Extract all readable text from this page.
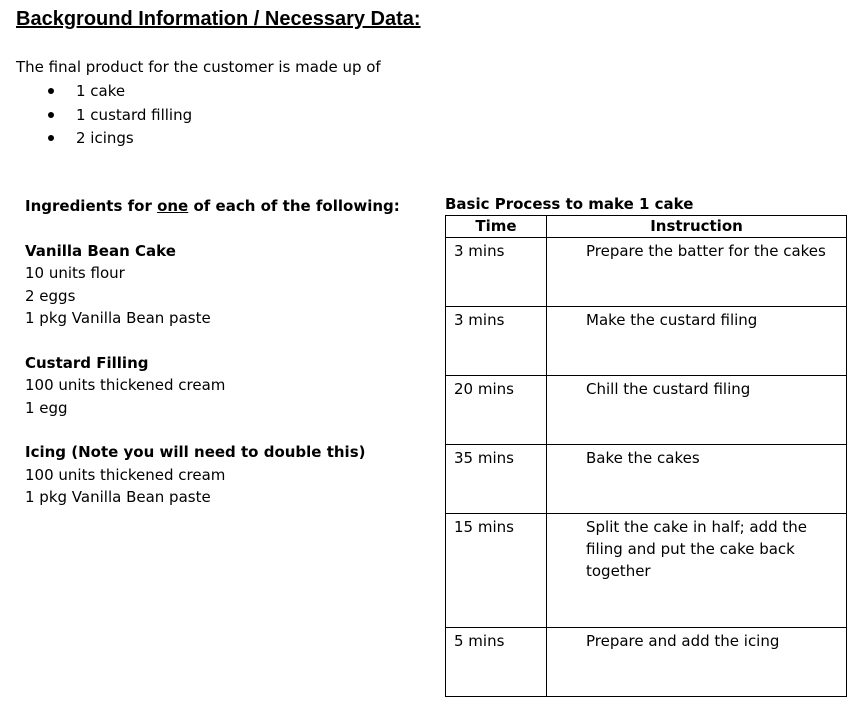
Background Information / Necessary Data:
The final product for the customer is made up of
1 cake
1 custard filling
2 icings
Ingredients for one of each of the following:
Vanilla Bean Cake
10 units flour
2 eggs
1 pkg Vanilla Bean paste
Custard Filling
100 units thickened cream
1 egg
Icing (Note you will need to double this)
100 units thickened cream
1 pkg Vanilla Bean paste
Basic Process to make 1 cake
Time	Instruction
3 mins	Prepare the batter for the cakes
3 mins	Make the custard filing
20 mins	Chill the custard filing
35 mins	Bake the cakes
15 mins	Split the cake in half; add the filing and put the cake back together
5 mins	Prepare and add the icing
